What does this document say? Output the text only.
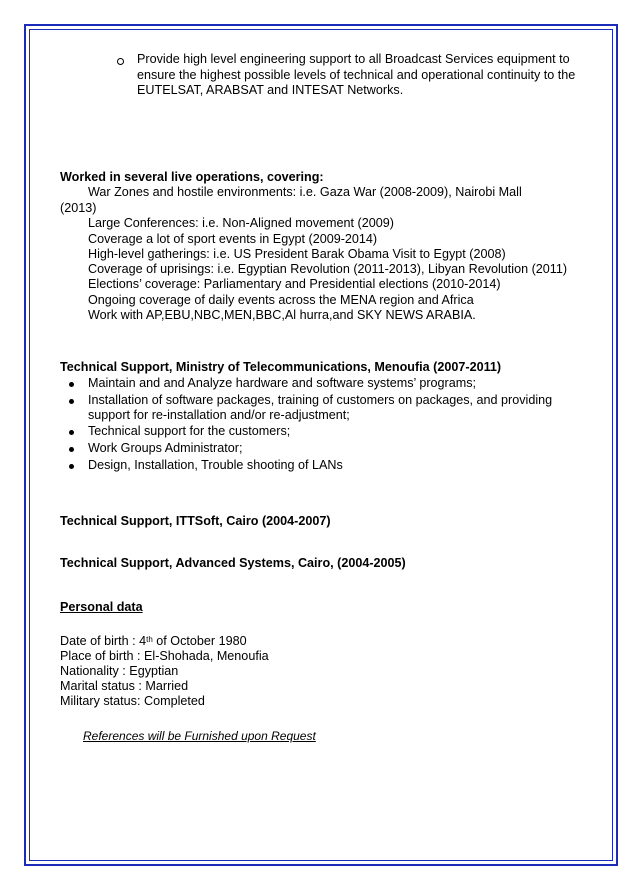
Provide high level engineering support to all Broadcast Services equipment to
ensure the highest possible levels of technical and operational continuity to the
EUTELSAT, ARABSAT and INTESAT Networks.
Worked in several live operations, covering:
War Zones and hostile environments: i.e. Gaza War (2008-2009), Nairobi Mall
(2013)
Large Conferences: i.e. Non-Aligned movement (2009)
Coverage a lot of sport events in Egypt (2009-2014)
High-level gatherings: i.e. US President Barak Obama Visit to Egypt (2008)
Coverage of uprisings: i.e. Egyptian Revolution (2011-2013), Libyan Revolution (2011)
Elections’ coverage: Parliamentary and Presidential elections (2010-2014)
Ongoing coverage of daily events across the MENA region and Africa
Work with AP,EBU,NBC,MEN,BBC,Al hurra,and SKY NEWS ARABIA.
Technical Support, Ministry of Telecommunications, Menoufia (2007-2011)
Maintain and and Analyze hardware and software systems’ programs;
Installation of software packages, training of customers on packages, and providing
support for re-installation and/or re-adjustment;
Technical support for the customers;
Work Groups Administrator;
Design, Installation, Trouble shooting of LANs
Technical Support, ITTSoft, Cairo (2004-2007)
Technical Support, Advanced Systems, Cairo, (2004-2005)
Personal data
Date of birth : 4th of October 1980
Place of birth : El-Shohada, Menoufia
Nationality : Egyptian
Marital status : Married
Military status: Completed
References will be Furnished upon Request
